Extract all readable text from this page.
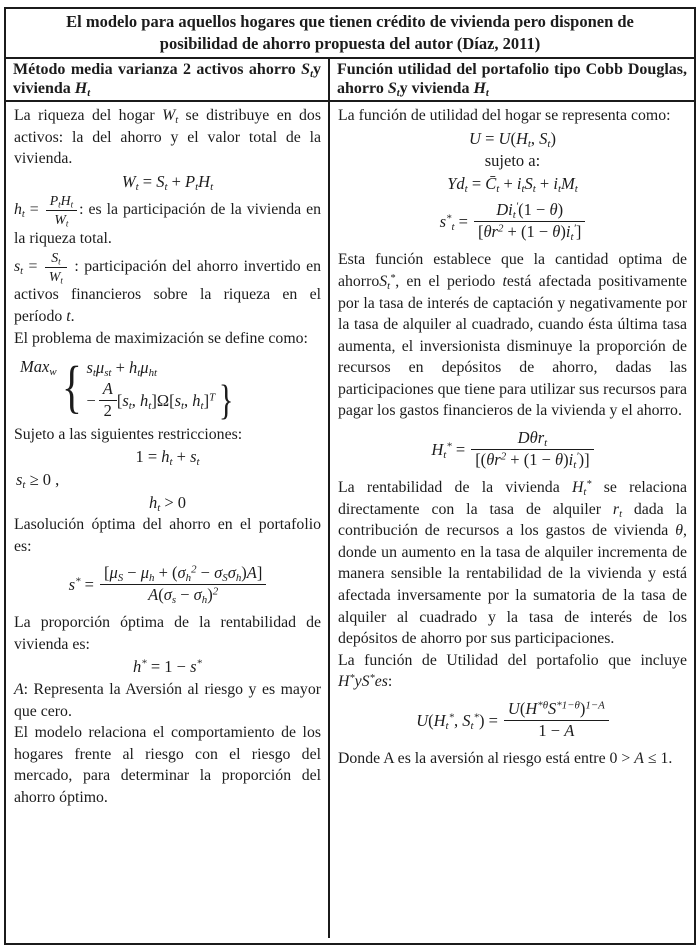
El modelo para aquellos hogares que tienen crédito de vivienda pero disponen de posibilidad de ahorro propuesta del autor (Díaz, 2011)
Método media varianza 2 activos ahorro $S_ty$ vivienda $H_t$
Función utilidad del portafolio tipo Cobb Douglas, ahorro $S_ty$ vivienda $H_t$

La riqueza del hogar $W_t$ se distribuye en dos activos: la del ahorro y el valor total de la vivienda.

$W_t = S_t + P_tH_t$

$h_t = \frac{P_tH_t}{W_t}$ : es la participación de la vivienda en la riqueza total.

$s_t = \frac{S_t}{W_t}$ : participación del ahorro invertido en activos financieros sobre la riqueza en el período t.

El problema de maximización se define como:

Max$_w$ { $s_t\mu_{st} + h_t\mu_{ht}$
− $\frac{A}{2} [s_t$, $h_t]\Omega[s_t$, $h_t]^T$ }

Sujeto a las siguientes restricciones:

$1 = h_t + s_t$

$s_t \ge 0$ ,

$h_t > 0$

Lasolución óptima del ahorro en el portafolio es:

$s^* = \frac{[\mu_S - \mu_h + (\sigma_h^2 - \sigma_S\sigma_h)A]}{A(\sigma_s - \sigma_h)^2}$

La proporción óptima de la rentabilidad de vivienda es:

h* = 1 − s*

A: Representa la Aversión al riesgo y es mayor que cero.

El modelo relaciona el comportamiento de los hogares frente al riesgo con el riesgo del mercado, para determinar la proporción del ahorro óptimo.

La función de utilidad del hogar se representa como:

$U = U(H_t$, $S_t$)
sujeto a:
$Yd_t$ = $C̄_t + i_tS_t + i_tM_t$
$s^*_t = \frac{Di_t'(1 - \theta)}{[\theta r^2 + (1 - \theta)i_t']}$

Esta función establece que la cantidad optima de ahorroS$_t$*, en el periodo testá afectada positivamente por la tasa de interés de captación y negativamente por la tasa de alquiler al cuadrado, cuando ésta última tasa aumenta, el inversionista disminuye la proporción de recursos en depósitos de ahorro, dadas las participaciones que tiene para utilizar sus recursos para pagar los gastos financieros de la vivienda y el ahorro.

$H_t^* = \frac{D\theta r_t}{[(\theta r^2 + (1 - \theta)i_t')]}$

La rentabilidad de la vivienda $H_t^*$ se relaciona directamente con la tasa de alquiler $r_t$ dada la contribución de recursos a los gastos de vivienda θ, donde un aumento en la tasa de alquiler incrementa de manera sensible la rentabilidad de la vivienda y está afectada inversamente por la sumatoria de la tasa de alquiler al cuadrado y la tasa de interés de los depósitos de ahorro por sus participaciones.

La función de Utilidad del portafolio que incluye H*yS*es:

$U(H_t^*$, $S_t^*) = \frac{U(H^{*\theta}S^{*1-\theta})^{1-A}}{1 - A}$

Donde A es la aversión al riesgo está entre 0 > A ≤ 1.
